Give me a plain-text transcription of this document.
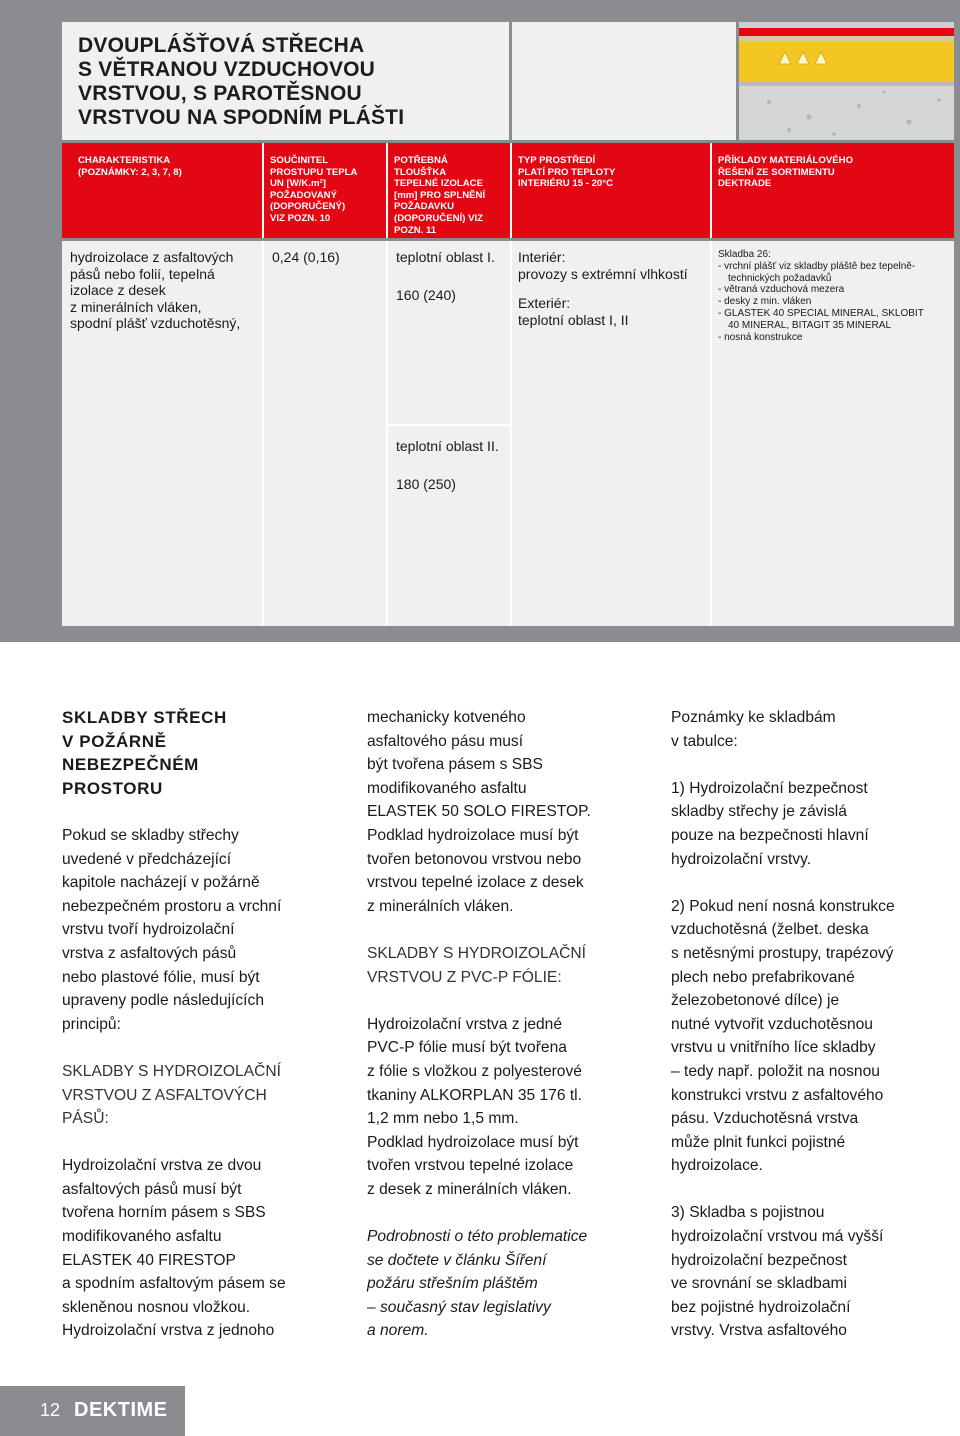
DVOUPLÁŠŤOVÁ STŘECHA
S VĚTRANOU VZDUCHOVOU
VRSTVOU, S PAROTĚSNOU
VRSTVOU NA SPODNÍM PLÁŠTI
CHARAKTERISTIKA
(POZNÁMKY: 2, 3, 7, 8)
SOUČINITEL
PROSTUPU TEPLA
UN [W/K.m²]
POŽADOVANÝ
(DOPORUČENÝ)
VIZ POZN. 10
POTŘEBNÁ
TLOUŠŤKA
TEPELNÉ IZOLACE
[mm] PRO SPLNĚNÍ
POŽADAVKU
(DOPORUČENÍ) VIZ
POZN. 11
TYP PROSTŘEDÍ
PLATÍ PRO TEPLOTY
INTERIÉRU 15 - 20°C
PŘÍKLADY MATERIÁLOVÉHO
ŘEŠENÍ ZE SORTIMENTU
DEKTRADE
hydroizolace z asfaltových
pásů nebo folií, tepelná
izolace z desek
z minerálních vláken,
spodní plášť vzduchotěsný,
0,24 (0,16)	teplotní oblast I.
160 (240)
teplotní oblast II.
180 (250)
Interiér:
provozy s extrémní vlhkostí
Exteriér:
teplotní oblast I, II
Skladba 26:
- vrchní plášť viz skladby pláště bez tepelně-
technických požadavků
- větraná vzduchová mezera
- desky z min. vláken
- GLASTEK 40 SPECIAL MINERAL, SKLOBIT
40 MINERAL, BITAGIT 35 MINERAL
- nosná konstrukce
SKLADBY STŘECH
V POŽÁRNĚ
NEBEZPEČNÉM
PROSTORU

Pokud se skladby střechy
uvedené v předcházející
kapitole nacházejí v požárně
nebezpečném prostoru a vrchní
vrstvu tvoří hydroizolační
vrstva z asfaltových pásů
nebo plastové fólie, musí být
upraveny podle následujících
principů:

SKLADBY S HYDROIZOLAČNÍ
VRSTVOU Z ASFALTOVÝCH
PÁSŮ:

Hydroizolační vrstva ze dvou
asfaltových pásů musí být
tvořena horním pásem s SBS
modifikovaného asfaltu
ELASTEK 40 FIRESTOP
a spodním asfaltovým pásem se
skleněnou nosnou vložkou.
Hydroizolační vrstva z jednoho

mechanicky kotveného
asfaltového pásu musí
být tvořena pásem s SBS
modifikovaného asfaltu
ELASTEK 50 SOLO FIRESTOP.
Podklad hydroizolace musí být
tvořen betonovou vrstvou nebo
vrstvou tepelné izolace z desek
z minerálních vláken.

SKLADBY S HYDROIZOLAČNÍ
VRSTVOU Z PVC-P FÓLIE:

Hydroizolační vrstva z jedné
PVC-P fólie musí být tvořena
z fólie s vložkou z polyesterové
tkaniny ALKORPLAN 35 176 tl.
1,2 mm nebo 1,5 mm.
Podklad hydroizolace musí být
tvořen vrstvou tepelné izolace
z desek z minerálních vláken.

Podrobnosti o této problematice
se dočtete v článku Šíření
požáru střešním pláštěm
– současný stav legislativy
a norem.

Poznámky ke skladbám
v tabulce:

1) Hydroizolační bezpečnost
skladby střechy je závislá
pouze na bezpečnosti hlavní
hydroizolační vrstvy.

2) Pokud není nosná konstrukce
vzduchotěsná (želbet. deska
s netěsnými prostupy, trapézový
plech nebo prefabrikované
železobetonové dílce) je
nutné vytvořit vzduchotěsnou
vrstvu u vnitřního líce skladby
– tedy např. položit na nosnou
konstrukci vrstvu z asfaltového
pásu. Vzduchotěsná vrstva
může plnit funkci pojistné
hydroizolace.

3) Skladba s pojistnou
hydroizolační vrstvou má vyšší
hydroizolační bezpečnost
ve srovnání se skladbami
bez pojistné hydroizolační
vrstvy. Vrstva asfaltového

12 DEKTIME
